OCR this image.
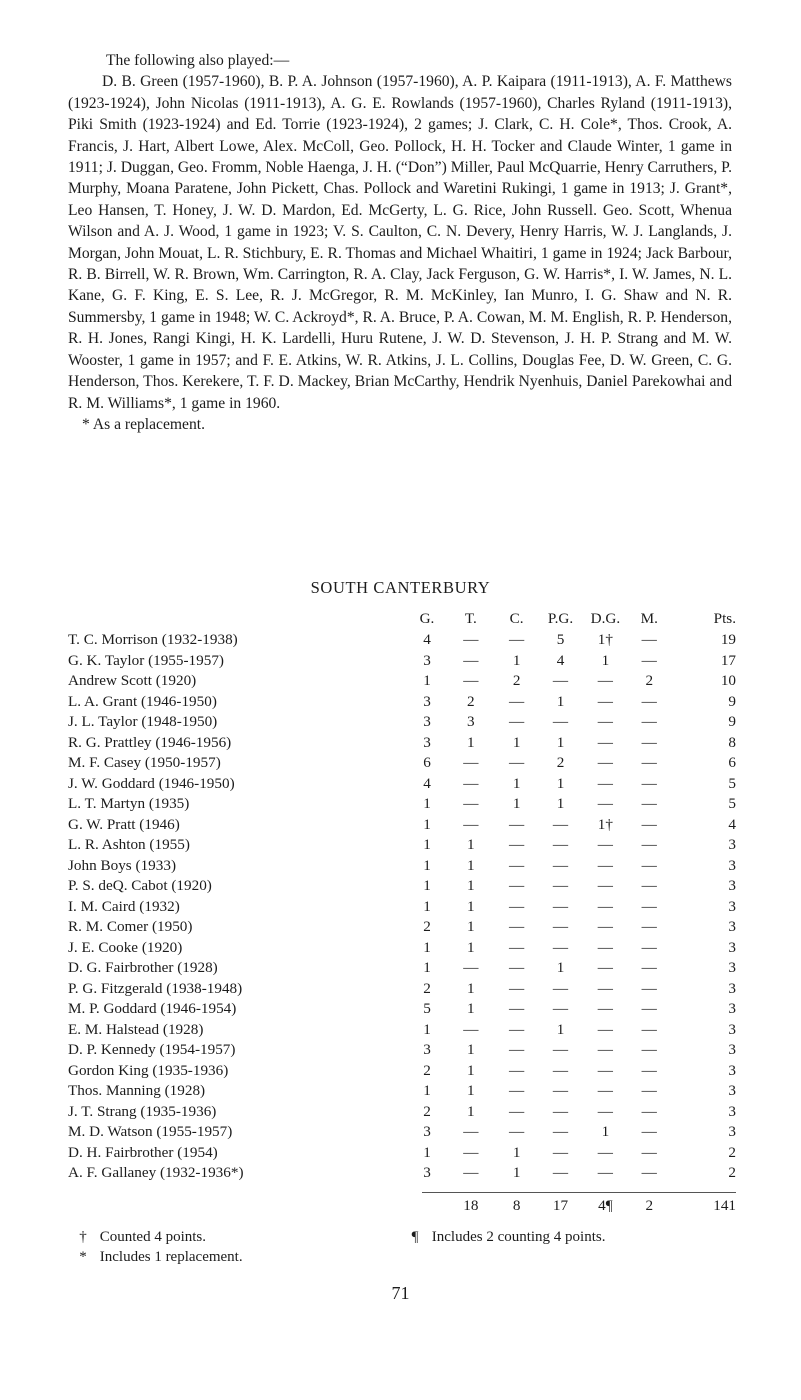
The following also played:—

D. B. Green (1957-1960), B. P. A. Johnson (1957-1960), A. P. Kaipara (1911-1913), A. F. Matthews (1923-1924), John Nicolas (1911-1913), A. G. E. Rowlands (1957-1960), Charles Ryland (1911-1913), Piki Smith (1923-1924) and Ed. Torrie (1923-1924), 2 games; J. Clark, C. H. Cole*, Thos. Crook, A. Francis, J. Hart, Albert Lowe, Alex. McColl, Geo. Pollock, H. H. Tocker and Claude Winter, 1 game in 1911; J. Duggan, Geo. Fromm, Noble Haenga, J. H. (“Don”) Miller, Paul McQuarrie, Henry Carruthers, P. Murphy, Moana Paratene, John Pickett, Chas. Pollock and Waretini Rukingi, 1 game in 1913; J. Grant*, Leo Hansen, T. Honey, J. W. D. Mardon, Ed. McGerty, L. G. Rice, John Russell. Geo. Scott, Whenua Wilson and A. J. Wood, 1 game in 1923; V. S. Caulton, C. N. Devery, Henry Harris, W. J. Langlands, J. Morgan, John Mouat, L. R. Stichbury, E. R. Thomas and Michael Whaitiri, 1 game in 1924; Jack Barbour, R. B. Birrell, W. R. Brown, Wm. Carrington, R. A. Clay, Jack Ferguson, G. W. Harris*, I. W. James, N. L. Kane, G. F. King, E. S. Lee, R. J. McGregor, R. M. McKinley, Ian Munro, I. G. Shaw and N. R. Summersby, 1 game in 1948; W. C. Ackroyd*, R. A. Bruce, P. A. Cowan, M. M. English, R. P. Henderson, R. H. Jones, Rangi Kingi, H. K. Lardelli, Huru Rutene, J. W. D. Stevenson, J. H. P. Strang and M. W. Wooster, 1 game in 1957; and F. E. Atkins, W. R. Atkins, J. L. Collins, Douglas Fee, D. W. Green, C. G. Henderson, Thos. Kerekere, T. F. D. Mackey, Brian McCarthy, Hendrik Nyenhuis, Daniel Parekowhai and R. M. Williams*, 1 game in 1960.

* As a replacement.

SOUTH CANTERBURY
	G.	T.	C.	P.G.	D.G.	M.	Pts.
T. C. Morrison (1932-1938)	4	—	—	5	1†	—	19
G. K. Taylor (1955-1957)	3	—	1	4	1	—	17
Andrew Scott (1920)	1	—	2	—	—	2	10
L. A. Grant (1946-1950)	3	2	—	1	—	—	9
J. L. Taylor (1948-1950)	3	3	—	—	—	—	9
R. G. Prattley (1946-1956)	3	1	1	1	—	—	8
M. F. Casey (1950-1957)	6	—	—	2	—	—	6
J. W. Goddard (1946-1950)	4	—	1	1	—	—	5
L. T. Martyn (1935)	1	—	1	1	—	—	5
G. W. Pratt (1946)	1	—	—	—	1†	—	4
L. R. Ashton (1955)	1	1	—	—	—	—	3
John Boys (1933)	1	1	—	—	—	—	3
P. S. deQ. Cabot (1920)	1	1	—	—	—	—	3
I. M. Caird (1932)	1	1	—	—	—	—	3
R. M. Comer (1950)	2	1	—	—	—	—	3
J. E. Cooke (1920)	1	1	—	—	—	—	3
D. G. Fairbrother (1928)	1	—	—	1	—	—	3
P. G. Fitzgerald (1938-1948)	2	1	—	—	—	—	3
M. P. Goddard (1946-1954)	5	1	—	—	—	—	3
E. M. Halstead (1928)	1	—	—	1	—	—	3
D. P. Kennedy (1954-1957)	3	1	—	—	—	—	3
Gordon King (1935-1936)	2	1	—	—	—	—	3
Thos. Manning (1928)	1	1	—	—	—	—	3
J. T. Strang (1935-1936)	2	1	—	—	—	—	3
M. D. Watson (1955-1957)	3	—	—	—	1	—	3
D. H. Fairbrother (1954)	1	—	1	—	—	—	2
A. F. Gallaney (1932-1936*)	3	—	1	—	—	—	2
		18	8	17	4¶	2	141
† Counted 4 points.
* Includes 1 replacement.
¶ Includes 2 counting 4 points.
71
